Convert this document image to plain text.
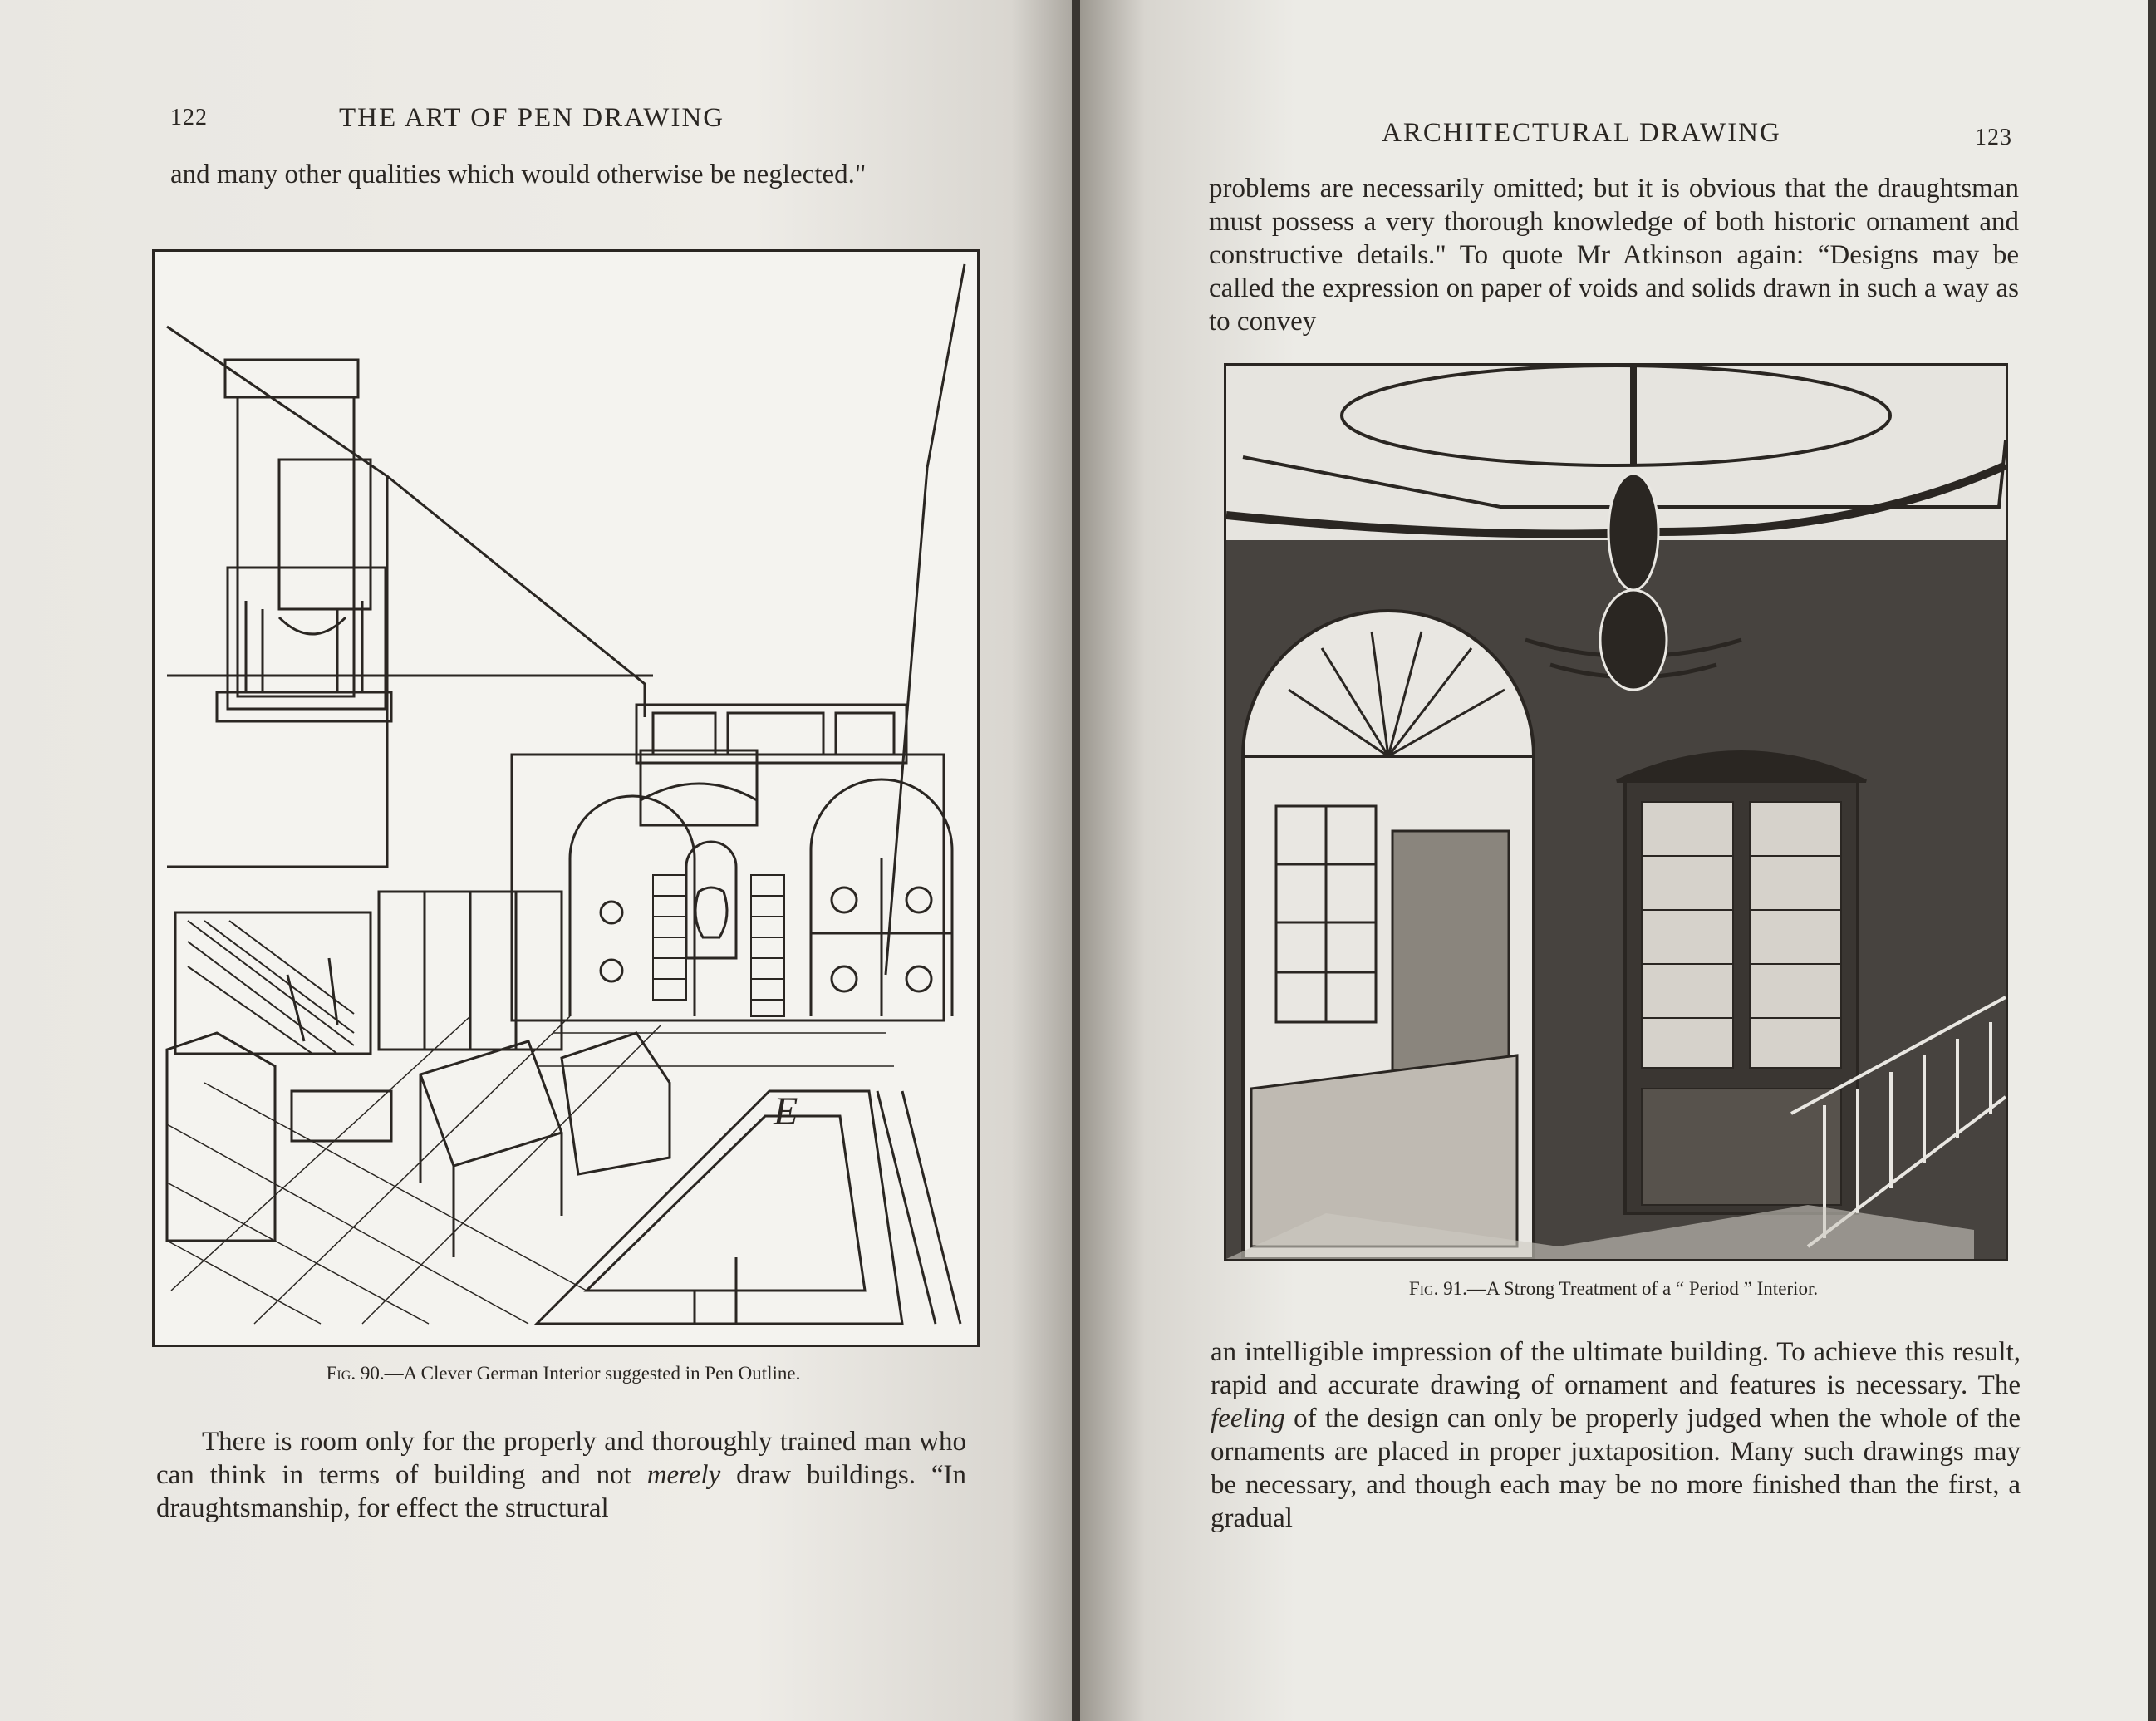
122	THE ART OF PEN DRAWING

and many other qualities which would otherwise be neglected."

E
Fig. 90.—A Clever German Interior suggested in Pen Outline.

There is room only for the properly and thoroughly trained man who can think in terms of building and not merely draw buildings. “In draughtsmanship, for effect the structural

ARCHITECTURAL DRAWING	123

problems are necessarily omitted; but it is obvious that the draughtsman must possess a very thorough knowledge of both historic ornament and constructive details." To quote Mr Atkinson again: “Designs may be called the expression on paper of voids and solids drawn in such a way as to convey

Fig. 91.—A Strong Treatment of a “ Period ” Interior.

an intelligible impression of the ultimate building. To achieve this result, rapid and accurate drawing of ornament and features is necessary. The feeling of the design can only be properly judged when the whole of the ornaments are placed in proper juxtaposition. Many such drawings may be necessary, and though each may be no more finished than the first, a gradual
